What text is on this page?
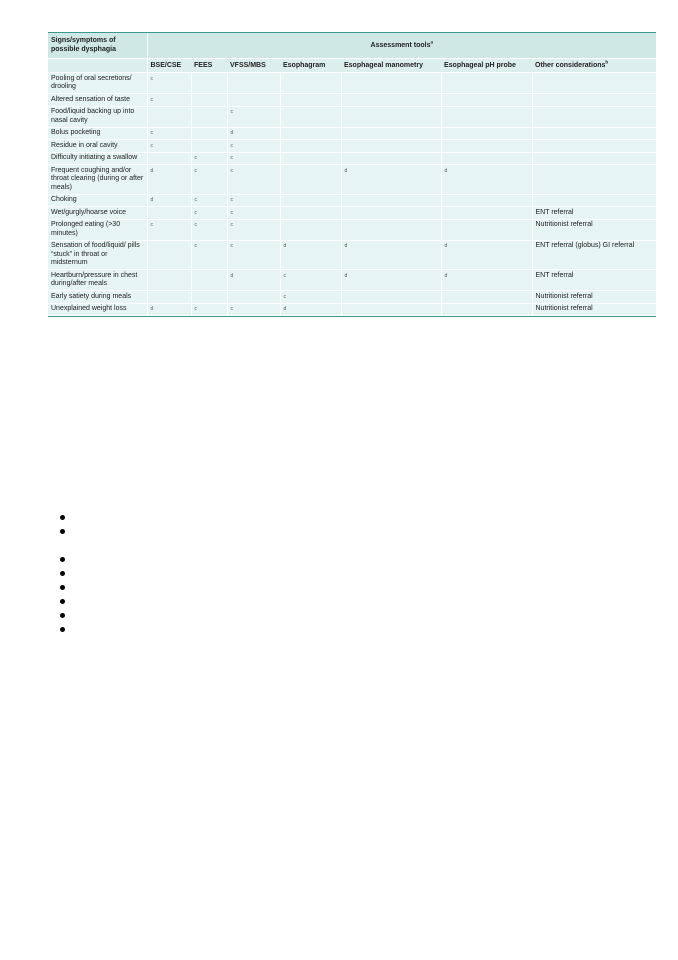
Signs/symptoms of possible dysphagia	Assessment tools$^a$
	BSE/CSE	FEES	VFSS/MBS	Esophagram	Esophageal manometry	Esophageal pH probe	Other considerations$^b$
Pooling of oral secretions/ drooling	c						
Altered sensation of taste	c						
Food/liquid backing up into nasal cavity			c				
Bolus pocketing	c		d				
Residue in oral cavity	c		c				
Difficulty initiating a swallow		c	c				
Frequent coughing and/or throat clearing (during or after meals)	d	c	c		d	d	
Choking	d	c	c				
Wet/gurgly/hoarse voice		c	c				ENT referral
Prolonged eating (>30 minutes)	c	c	c				Nutritionist referral
Sensation of food/liquid/ pills “stuck” in throat or midsternum		c	c	d	d	d	ENT referral (globus) GI referral
Heartburn/pressure in chest during/after meals			d	c	d	d	ENT referral
Early satiety during meals				c			Nutritionist referral
Unexplained weight loss	d	c	c	d			Nutritionist referral
